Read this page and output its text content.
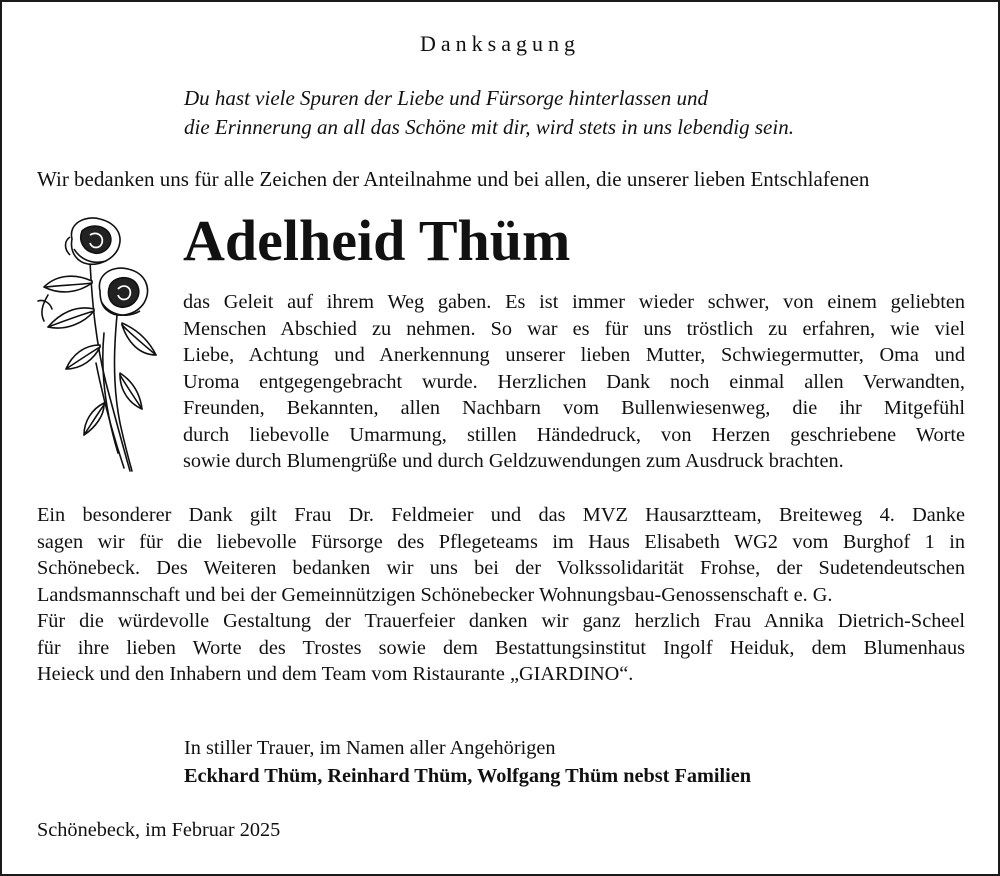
Danksagung
Du hast viele Spuren der Liebe und Fürsorge hinterlassen und
die Erinnerung an all das Schöne mit dir, wird stets in uns lebendig sein.
Wir bedanken uns für alle Zeichen der Anteilnahme und bei allen, die unserer lieben Entschlafenen
Adelheid Thüm
das Geleit auf ihrem Weg gaben. Es ist immer wieder schwer, von einem geliebten
Menschen Abschied zu nehmen. So war es für uns tröstlich zu erfahren, wie viel
Liebe, Achtung und Anerkennung unserer lieben Mutter, Schwiegermutter, Oma und
Uroma entgegengebracht wurde. Herzlichen Dank noch einmal allen Verwandten,
Freunden, Bekannten, allen Nachbarn vom Bullenwiesenweg, die ihr Mitgefühl
durch liebevolle Umarmung, stillen Händedruck, von Herzen geschriebene Worte
sowie durch Blumengrüße und durch Geldzuwendungen zum Ausdruck brachten.
Ein besonderer Dank gilt Frau Dr. Feldmeier und das MVZ Hausarztteam, Breiteweg 4. Danke
sagen wir für die liebevolle Fürsorge des Pflegeteams im Haus Elisabeth WG2 vom Burghof 1 in
Schönebeck. Des Weiteren bedanken wir uns bei der Volkssolidarität Frohse, der Sudetendeutschen
Landsmannschaft und bei der Gemeinnützigen Schönebecker Wohnungsbau-Genossenschaft e. G.
Für die würdevolle Gestaltung der Trauerfeier danken wir ganz herzlich Frau Annika Dietrich-Scheel
für ihre lieben Worte des Trostes sowie dem Bestattungsinstitut Ingolf Heiduk, dem Blumenhaus
Heieck und den Inhabern und dem Team vom Ristaurante „GIARDINO“.
In stiller Trauer, im Namen aller Angehörigen
Eckhard Thüm, Reinhard Thüm, Wolfgang Thüm nebst Familien
Schönebeck, im Februar 2025
